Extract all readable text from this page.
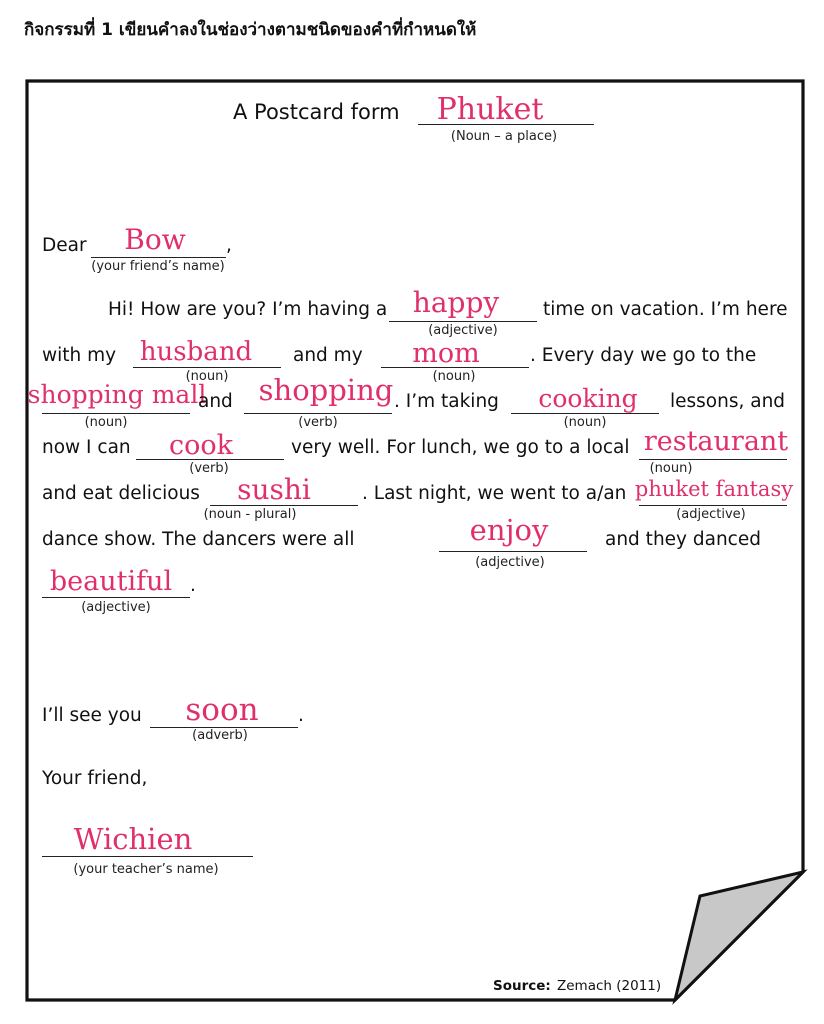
กิจกรรมที่ 1 เขียนคำลงในช่องว่างตามชนิดของคำที่กำหนดให้
A Postcard form Phuket
(Noun – a place)
Dear Bow ,
(your friend’s name)
Hi! How are you? I’m having a happy
(adjective)
time on vacation. I’m here
with my husband
(noun)
and my mom
(noun)
. Every day we go to the
shopping mall
(noun)
and shopping
(verb)
. I’m taking cooking
(noun)
lessons, and
now I can cook
(verb)
very well. For lunch, we go to a local restaurant
(noun)
and eat delicious sushi
(noun - plural)
. Last night, we went to a/an phuket fantasy
(adjective)
dance show. The dancers were all	enjoy
(adjective)
and they danced
beautiful
(adjective)
.
I’ll see you soon
(adverb)
.
Your friend,
Wichien
(your teacher’s name)
Source: Zemach (2011)
